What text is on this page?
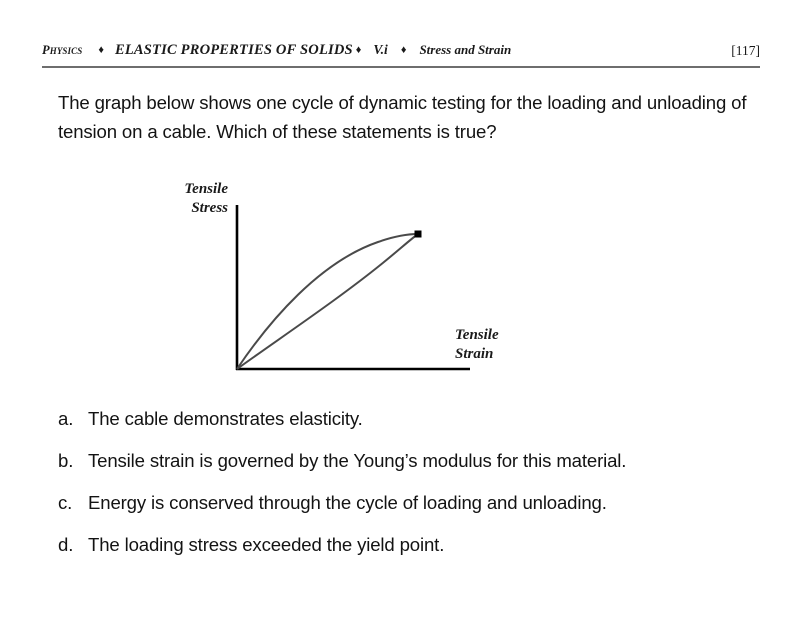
Physics ♦ ELASTIC PROPERTIES OF SOLIDS ♦ V.i ♦ Stress and Strain	[117]
The graph below shows one cycle of dynamic testing for the loading and unloading of tension on a cable. Which of these statements is true?
Tensile
Stress
Tensile
Strain
a. The cable demonstrates elasticity.
b. Tensile strain is governed by the Young’s modulus for this material.
c. Energy is conserved through the cycle of loading and unloading.
d. The loading stress exceeded the yield point.
